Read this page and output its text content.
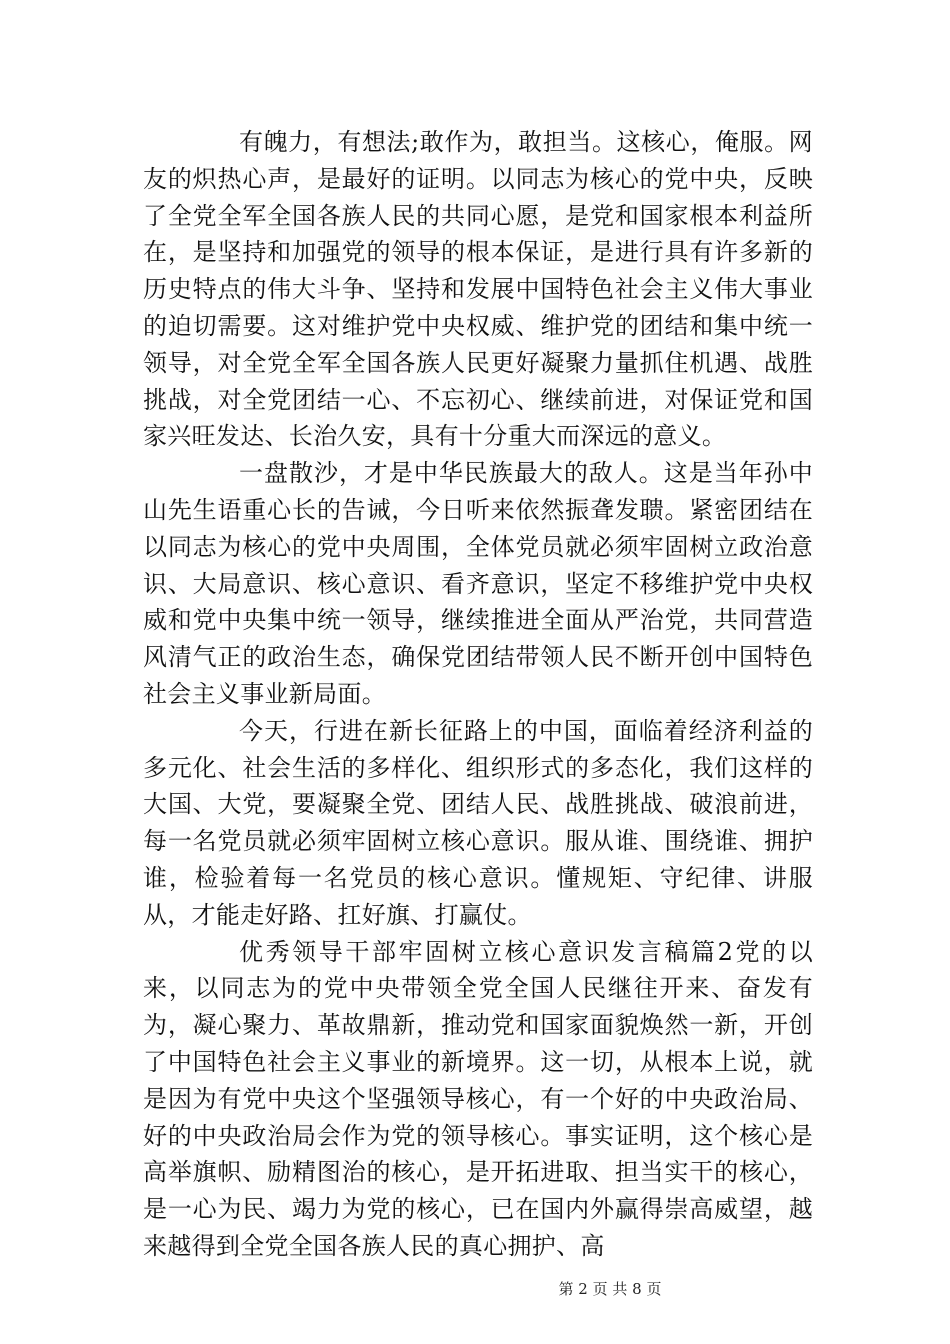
有魄力，有想法;敢作为，敢担当。这核心，俺服。网友的炽热心声，是最好的证明。以同志为核心的党中央，反映了全党全军全国各族人民的共同心愿，是党和国家根本利益所在，是坚持和加强党的领导的根本保证，是进行具有许多新的历史特点的伟大斗争、坚持和发展中国特色社会主义伟大事业的迫切需要。这对维护党中央权威、维护党的团结和集中统一领导，对全党全军全国各族人民更好凝聚力量抓住机遇、战胜挑战，对全党团结一心、不忘初心、继续前进，对保证党和国家兴旺发达、长治久安，具有十分重大而深远的意义。

一盘散沙，才是中华民族最大的敌人。这是当年孙中山先生语重心长的告诫，今日听来依然振聋发聩。紧密团结在以同志为核心的党中央周围，全体党员就必须牢固树立政治意识、大局意识、核心意识、看齐意识，坚定不移维护党中央权威和党中央集中统一领导，继续推进全面从严治党，共同营造风清气正的政治生态，确保党团结带领人民不断开创中国特色社会主义事业新局面。

今天，行进在新长征路上的中国，面临着经济利益的多元化、社会生活的多样化、组织形式的多态化，我们这样的大国、大党，要凝聚全党、团结人民、战胜挑战、破浪前进，每一名党员就必须牢固树立核心意识。服从谁、围绕谁、拥护谁，检验着每一名党员的核心意识。懂规矩、守纪律、讲服从，才能走好路、扛好旗、打赢仗。

优秀领导干部牢固树立核心意识发言稿篇2党的以来，以同志为的党中央带领全党全国人民继往开来、奋发有为，凝心聚力、革故鼎新，推动党和国家面貌焕然一新，开创了中国特色社会主义事业的新境界。这一切，从根本上说，就是因为有党中央这个坚强领导核心，有一个好的中央政治局、好的中央政治局会作为党的领导核心。事实证明，这个核心是高举旗帜、励精图治的核心，是开拓进取、担当实干的核心，是一心为民、竭力为党的核心，已在国内外赢得崇高威望，越来越得到全党全国各族人民的真心拥护、高

第 2 页 共 8 页
